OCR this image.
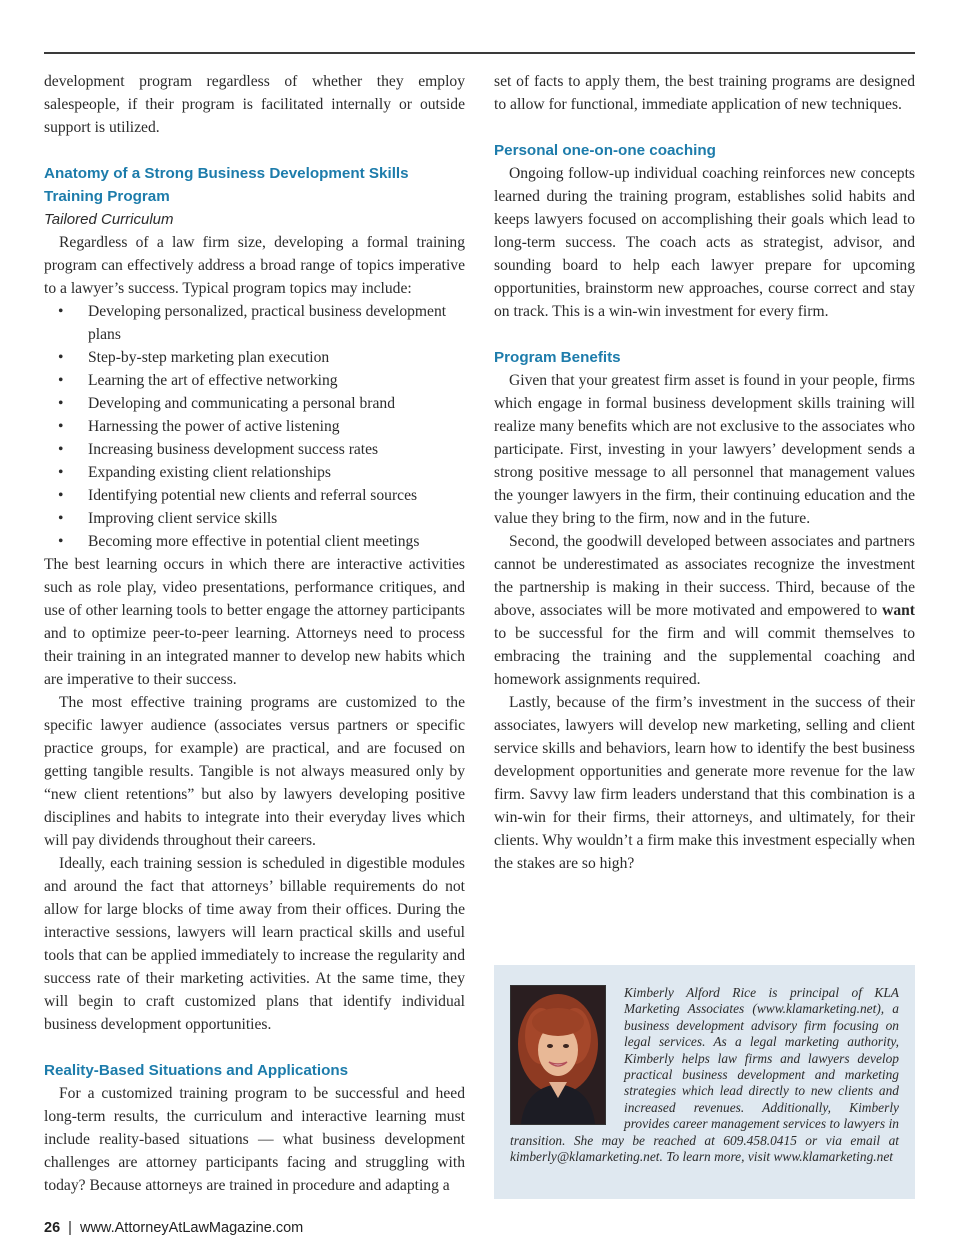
development program regardless of whether they employ salespeople, if their program is facilitated internally or outside support is utilized.

Anatomy of a Strong Business Development Skills Training Program
Tailored Curriculum

Regardless of a law firm size, developing a formal training program can effectively address a broad range of topics imperative to a lawyer’s success. Typical program topics may include:

• Developing personalized, practical business development plans
• Step-by-step marketing plan execution
• Learning the art of effective networking
• Developing and communicating a personal brand
• Harnessing the power of active listening
• Increasing business development success rates
• Expanding existing client relationships
• Identifying potential new clients and referral sources
• Improving client service skills
• Becoming more effective in potential client meetings

The best learning occurs in which there are interactive activities such as role play, video presentations, performance critiques, and use of other learning tools to better engage the attorney participants and to optimize peer-to-peer learning. Attorneys need to process their training in an integrated manner to develop new habits which are imperative to their success.

The most effective training programs are customized to the specific lawyer audience (associates versus partners or specific practice groups, for example) are practical, and are focused on getting tangible results. Tangible is not always measured only by “new client retentions” but also by lawyers developing positive disciplines and habits to integrate into their everyday lives which will pay dividends throughout their careers.

Ideally, each training session is scheduled in digestible modules and around the fact that attorneys’ billable requirements do not allow for large blocks of time away from their offices. During the interactive sessions, lawyers will learn practical skills and useful tools that can be applied immediately to increase the regularity and success rate of their marketing activities. At the same time, they will begin to craft customized plans that identify individual business development opportunities.

Reality-Based Situations and Applications

For a customized training program to be successful and heed long-term results, the curriculum and interactive learning must include reality-based situations — what business development challenges are attorney participants facing and struggling with today? Because attorneys are trained in procedure and adapting a

set of facts to apply them, the best training programs are designed to allow for functional, immediate application of new techniques.

Personal one-on-one coaching

Ongoing follow-up individual coaching reinforces new concepts learned during the training program, establishes solid habits and keeps lawyers focused on accomplishing their goals which lead to long-term success. The coach acts as strategist, advisor, and sounding board to help each lawyer prepare for upcoming opportunities, brainstorm new approaches, course correct and stay on track. This is a win-win investment for every firm.

Program Benefits

Given that your greatest firm asset is found in your people, firms which engage in formal business development skills training will realize many benefits which are not exclusive to the associates who participate. First, investing in your lawyers’ development sends a strong positive message to all personnel that management values the younger lawyers in the firm, their continuing education and the value they bring to the firm, now and in the future.

Second, the goodwill developed between associates and partners cannot be underestimated as associates recognize the investment the partnership is making in their success. Third, because of the above, associates will be more motivated and empowered to want to be successful for the firm and will commit themselves to embracing the training and the supplemental coaching and homework assignments required.

Lastly, because of the firm’s investment in the success of their associates, lawyers will develop new marketing, selling and client service skills and behaviors, learn how to identify the best business development opportunities and generate more revenue for the law firm. Savvy law firm leaders understand that this combination is a win-win for their firms, their attorneys, and ultimately, for their clients. Why wouldn’t a firm make this investment especially when the stakes are so high?

Kimberly Alford Rice is principal of KLA Marketing Associates (www.klamarketing.net), a business development advisory firm focusing on legal services. As a legal marketing authority, Kimberly helps law firms and lawyers develop practical business development and marketing strategies which lead directly to new clients and increased revenues. Additionally, Kimberly provides career management services to lawyers in transition. She may be reached at 609.458.0415 or via email at kimberly@klamarketing.net. To learn more, visit www.klamarketing.net

26 | www.AttorneyAtLawMagazine.com
